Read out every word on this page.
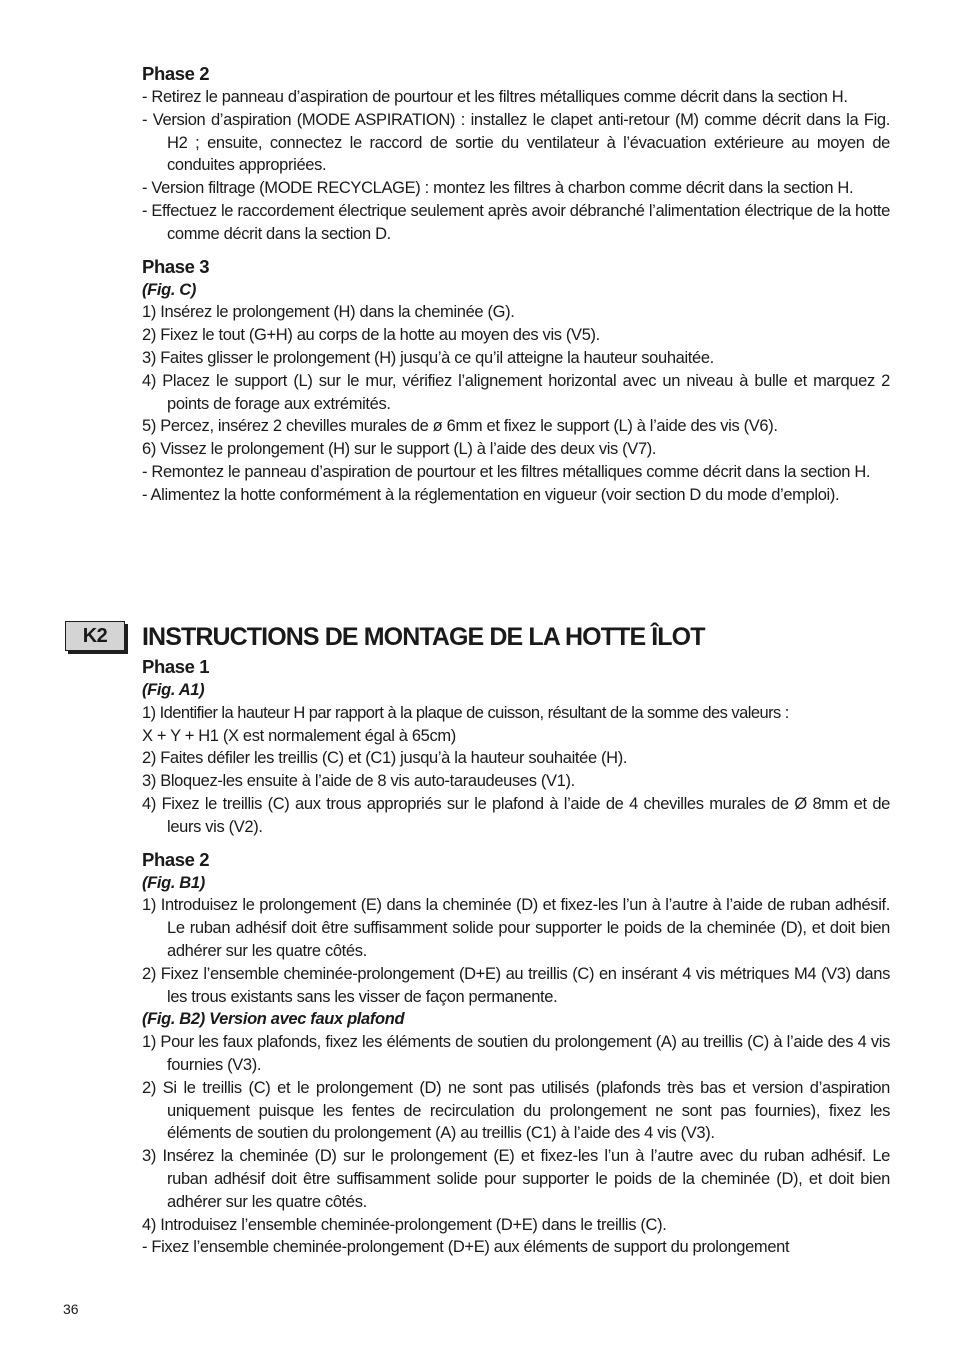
Phase 2

- Retirez le panneau d’aspiration de pourtour et les filtres métalliques comme décrit dans la section H.

- Version d’aspiration (MODE ASPIRATION) : installez le clapet anti-retour (M) comme décrit dans la Fig. H2 ; ensuite, connectez le raccord de sortie du ventilateur à l’évacuation extérieure au moyen de conduites appropriées.

- Version filtrage (MODE RECYCLAGE) : montez les filtres à charbon comme décrit dans la section H.

- Effectuez le raccordement électrique seulement après avoir débranché l’alimentation électrique de la hotte comme décrit dans la section D.

Phase 3

(Fig. C)

1) Insérez le prolongement (H) dans la cheminée (G).

2) Fixez le tout (G+H) au corps de la hotte au moyen des vis (V5).

3) Faites glisser le prolongement (H) jusqu’à ce qu’il atteigne la hauteur souhaitée.

4) Placez le support (L) sur le mur, vérifiez l’alignement horizontal avec un niveau à bulle et marquez 2 points de forage aux extrémités.

5) Percez, insérez 2 chevilles murales de ø 6mm et fixez le support (L) à l’aide des vis (V6).

6) Vissez le prolongement (H) sur le support (L) à l’aide des deux vis (V7).

- Remontez le panneau d’aspiration de pourtour et les filtres métalliques comme décrit dans la section H.

- Alimentez la hotte conformément à la réglementation en vigueur (voir section D du mode d’emploi).

K2	INSTRUCTIONS DE MONTAGE DE LA HOTTE ÎLOT
Phase 1

(Fig. A1)

1) Identifier la hauteur H par rapport à la plaque de cuisson, résultant de la somme des valeurs :

X + Y + H1 (X est normalement égal à 65cm)

2) Faites défiler les treillis (C) et (C1) jusqu’à la hauteur souhaitée (H).

3) Bloquez-les ensuite à l’aide de 8 vis auto-taraudeuses (V1).

4) Fixez le treillis (C) aux trous appropriés sur le plafond à l’aide de 4 chevilles murales de Ø 8mm et de leurs vis (V2).

Phase 2

(Fig. B1)

1) Introduisez le prolongement (E) dans la cheminée (D) et fixez-les l’un à l’autre à l’aide de ruban adhésif. Le ruban adhésif doit être suffisamment solide pour supporter le poids de la cheminée (D), et doit bien adhérer sur les quatre côtés.

2) Fixez l’ensemble cheminée-prolongement (D+E) au treillis (C) en insérant 4 vis métriques M4 (V3) dans les trous existants sans les visser de façon permanente.

(Fig. B2) Version avec faux plafond

1) Pour les faux plafonds, fixez les éléments de soutien du prolongement (A) au treillis (C) à l’aide des 4 vis fournies (V3).

2) Si le treillis (C) et le prolongement (D) ne sont pas utilisés (plafonds très bas et version d’aspiration uniquement puisque les fentes de recirculation du prolongement ne sont pas fournies), fixez les éléments de soutien du prolongement (A) au treillis (C1) à l’aide des 4 vis (V3).

3) Insérez la cheminée (D) sur le prolongement (E) et fixez-les l’un à l’autre avec du ruban adhésif. Le ruban adhésif doit être suffisamment solide pour supporter le poids de la cheminée (D), et doit bien adhérer sur les quatre côtés.

4) Introduisez l’ensemble cheminée-prolongement (D+E) dans le treillis (C).

- Fixez l’ensemble cheminée-prolongement (D+E) aux éléments de support du prolongement

36
